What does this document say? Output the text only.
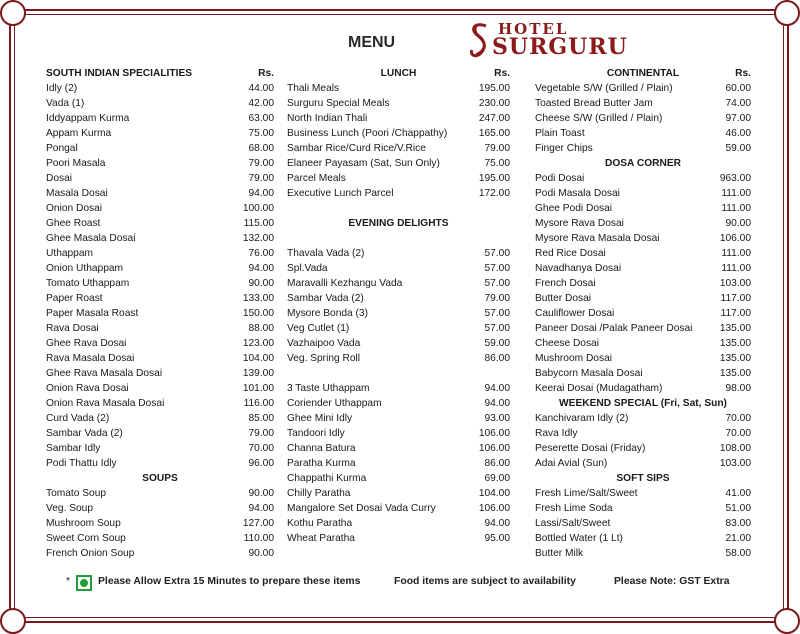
MENU
HOTEL
SURGURU
SOUTH INDIAN SPECIALITIES	Rs.
Idly (2)	44.00
Vada (1)	42.00
Iddyappam Kurma	63.00
Appam Kurma	75.00
Pongal	68.00
Poori Masala	79.00
Dosai	79.00
Masala Dosai	94.00
Onion Dosai	100.00
Ghee Roast	115.00
Ghee Masala Dosai	132.00
Uthappam	76.00
Onion Uthappam	94.00
Tomato Uthappam	90.00
Paper Roast	133.00
Paper Masala Roast	150.00
Rava Dosai	88.00
Ghee Rava Dosai	123.00
Rava Masala Dosai	104.00
Ghee Rava Masala Dosai	139.00
Onion Rava Dosai	101.00
Onion Rava Masala Dosai	116.00
Curd Vada (2)	85.00
Sambar Vada (2)	79.00
Sambar Idly	70.00
Podi Thattu Idly	96.00
SOUPS
Tomato Soup	90.00
Veg. Soup	94.00
Mushroom Soup	127.00
Sweet Corn Soup	110.00
French Onion Soup	90.00
LUNCH	Rs.
Thali Meals	195.00
Surguru Special Meals	230.00
North Indian Thali	247.00
Business Lunch (Poori /Chappathy)	165.00
Sambar Rice/Curd Rice/V.Rice	79.00
Elaneer Payasam (Sat, Sun Only)	75.00
Parcel Meals	195.00
Executive Lunch Parcel	172.00
EVENING DELIGHTS
Thavala Vada (2)	57.00
Spl.Vada	57.00
Maravalli Kezhangu Vada	57.00
Sambar Vada (2)	79.00
Mysore Bonda (3)	57.00
Veg Cutlet (1)	57.00
Vazhaipoo Vada	59.00
Veg. Spring Roll	86.00
3 Taste Uthappam	94.00
Coriender Uthappam	94.00
Ghee Mini Idly	93.00
Tandoori Idly	106.00
Channa Batura	106.00
Paratha Kurma	86.00
Chappathi Kurma	69.00
Chilly Paratha	104.00
Mangalore Set Dosai Vada Curry	106.00
Kothu Paratha	94.00
Wheat Paratha	95.00
CONTINENTAL	Rs.
Vegetable S/W (Grilled / Plain)	60.00
Toasted Bread Butter Jam	74.00
Cheese S/W (Grilled / Plain)	97.00
Plain Toast	46.00
Finger Chips	59.00
DOSA CORNER
Podi Dosai	963.00
Podi Masala Dosai	111.00
Ghee Podi Dosai	111.00
Mysore Rava Dosai	90.00
Mysore Rava Masala Dosai	106.00
Red Rice Dosai	111.00
Navadhanya Dosai	111.00
French Dosai	103.00
Butter Dosai	117.00
Cauliflower Dosai	117.00
Paneer Dosai /Palak Paneer Dosai	135.00
Cheese Dosai	135.00
Mushroom Dosai	135.00
Babycorn Masala Dosai	135.00
Keerai Dosai (Mudagatham)	98.00
WEEKEND SPECIAL (Fri, Sat, Sun)
Kanchivaram Idly (2)	70.00
Rava Idly	70.00
Peserette Dosai (Friday)	108.00
Adai Avial (Sun)	103.00
SOFT SIPS
Fresh Lime/Salt/Sweet	41.00
Fresh Lime Soda	51.00
Lassi/Salt/Sweet	83.00
Bottled Water (1 Lt)	21.00
Butter Milk	58.00
*	Please Allow Extra 15 Minutes to prepare these items	Food items are subject to availability	Please Note: GST Extra
